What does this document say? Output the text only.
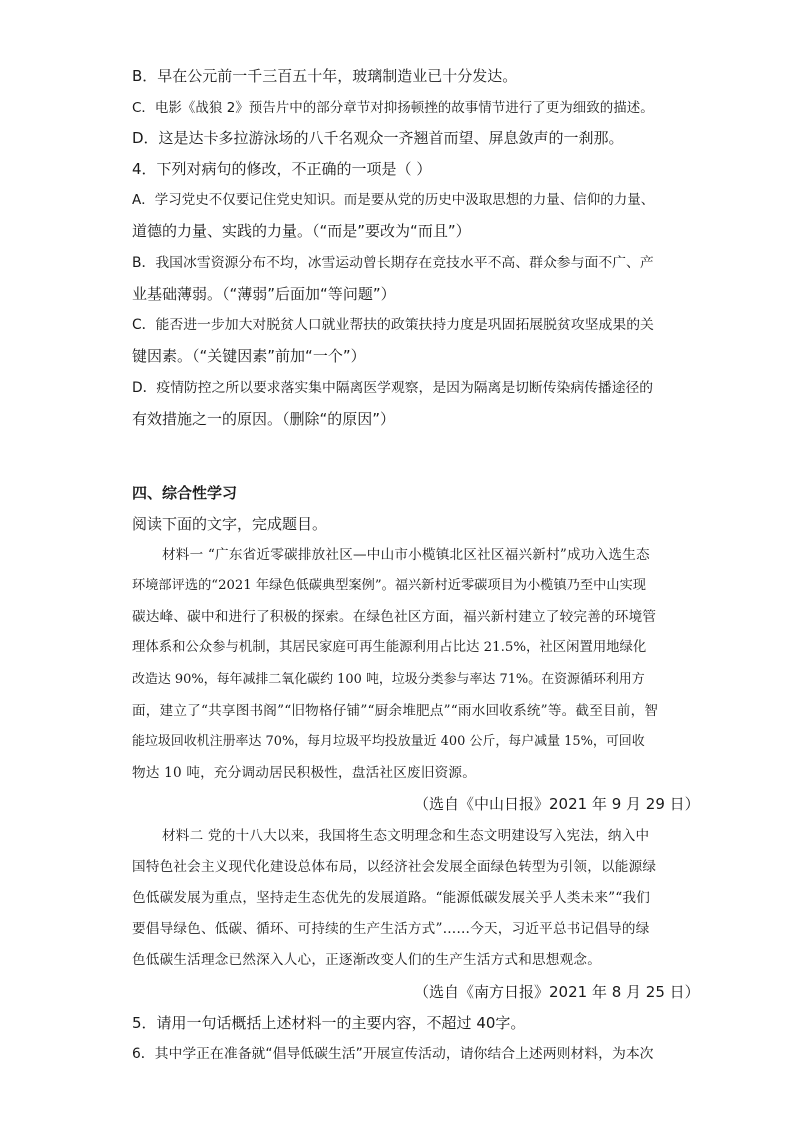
B．早在公元前一千三百五十年，玻璃制造业已十分发达。
C．电影《战狼 2》预告片中的部分章节对抑扬顿挫的故事情节进行了更为细致的描述。
D．这是达卡多拉游泳场的八千名观众一齐翘首而望、屏息敛声的一刹那。
4．下列对病句的修改，不正确的一项是（ ）
A．学习党史不仅要记住党史知识。而是要从党的历史中汲取思想的力量、信仰的力量、
道德的力量、实践的力量。（“而是”要改为“而且”）
B．我国冰雪资源分布不均，冰雪运动曾长期存在竞技水平不高、群众参与面不广、产
业基础薄弱。（“薄弱”后面加“等问题”）
C．能否进一步加大对脱贫人口就业帮扶的政策扶持力度是巩固拓展脱贫攻坚成果的关
键因素。（“关键因素”前加“一个”）
D．疫情防控之所以要求落实集中隔离医学观察，是因为隔离是切断传染病传播途径的
有效措施之一的原因。（删除“的原因”）
四、综合性学习
阅读下面的文字，完成题目。
材料一 “广东省近零碳排放社区—中山市小榄镇北区社区福兴新村”成功入选生态
环境部评选的“2021 年绿色低碳典型案例”。福兴新村近零碳项目为小榄镇乃至中山实现
碳达峰、碳中和进行了积极的探索。在绿色社区方面，福兴新村建立了较完善的环境管
理体系和公众参与机制，其居民家庭可再生能源利用占比达 21.5%，社区闲置用地绿化
改造达 90%，每年减排二氧化碳约 100 吨，垃圾分类参与率达 71%。在资源循环利用方
面，建立了“共享图书阁”“旧物格仔铺”“厨余堆肥点”“雨水回收系统”等。截至目前，智
能垃圾回收机注册率达 70%，每月垃圾平均投放量近 400 公斤，每户减量 15%，可回收
物达 10 吨，充分调动居民积极性，盘活社区废旧资源。
（选自《中山日报》2021 年 9 月 29 日）
材料二 党的十八大以来，我国将生态文明理念和生态文明建设写入宪法，纳入中
国特色社会主义现代化建设总体布局，以经济社会发展全面绿色转型为引领，以能源绿
色低碳发展为重点，坚持走生态优先的发展道路。“能源低碳发展关乎人类未来”“我们
要倡导绿色、低碳、循环、可持续的生产生活方式”……今天，习近平总书记倡导的绿
色低碳生活理念已然深入人心，正逐渐改变人们的生产生活方式和思想观念。
（选自《南方日报》2021 年 8 月 25 日）
5．请用一句话概括上述材料一的主要内容，不超过 40字。
6．其中学正在准备就“倡导低碳生活”开展宣传活动，请你结合上述两则材料，为本次
